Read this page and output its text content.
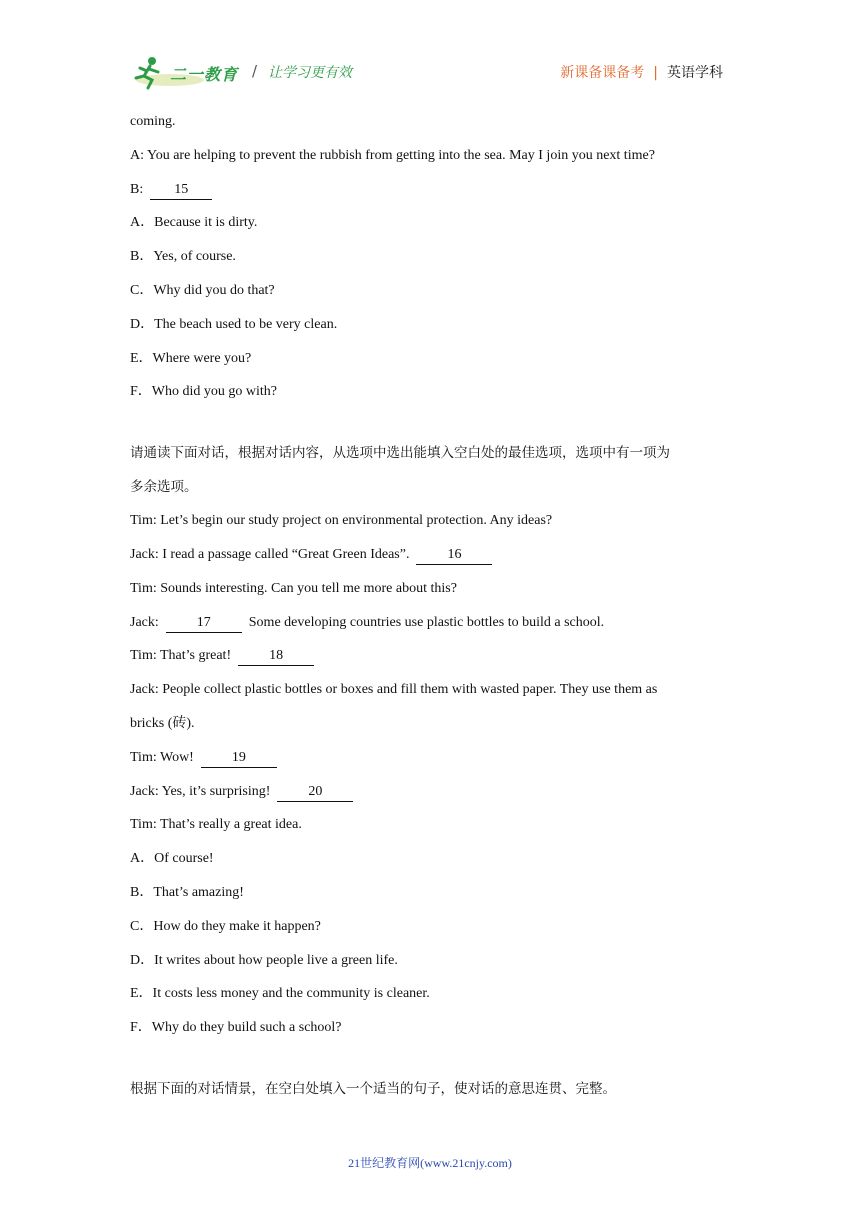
二一教育 / 让学习更有效	新课备课备考 | 英语学科
coming.
A: You are helping to prevent the rubbish from getting into the sea. May I join you next time?
B: 15
A．Because it is dirty.
B．Yes, of course.
C．Why did you do that?
D．The beach used to be very clean.
E．Where were you?
F．Who did you go with?
请通读下面对话，根据对话内容，从选项中选出能填入空白处的最佳选项，选项中有一项为
多余选项。
Tim: Let’s begin our study project on environmental protection. Any ideas?
Jack: I read a passage called “Great Green Ideas”.	16
Tim: Sounds interesting. Can you tell me more about this?
Jack:	17	Some developing countries use plastic bottles to build a school.
Tim: That’s great!	18
Jack: People collect plastic bottles or boxes and fill them with wasted paper. They use them as
bricks (砖).
Tim: Wow!	19
Jack: Yes, it’s surprising!	20
Tim: That’s really a great idea.
A．Of course!
B．That’s amazing!
C．How do they make it happen?
D．It writes about how people live a green life.
E．It costs less money and the community is cleaner.
F．Why do they build such a school?
根据下面的对话情景，在空白处填入一个适当的句子，使对话的意思连贯、完整。
21世纪教育网(www.21cnjy.com)
